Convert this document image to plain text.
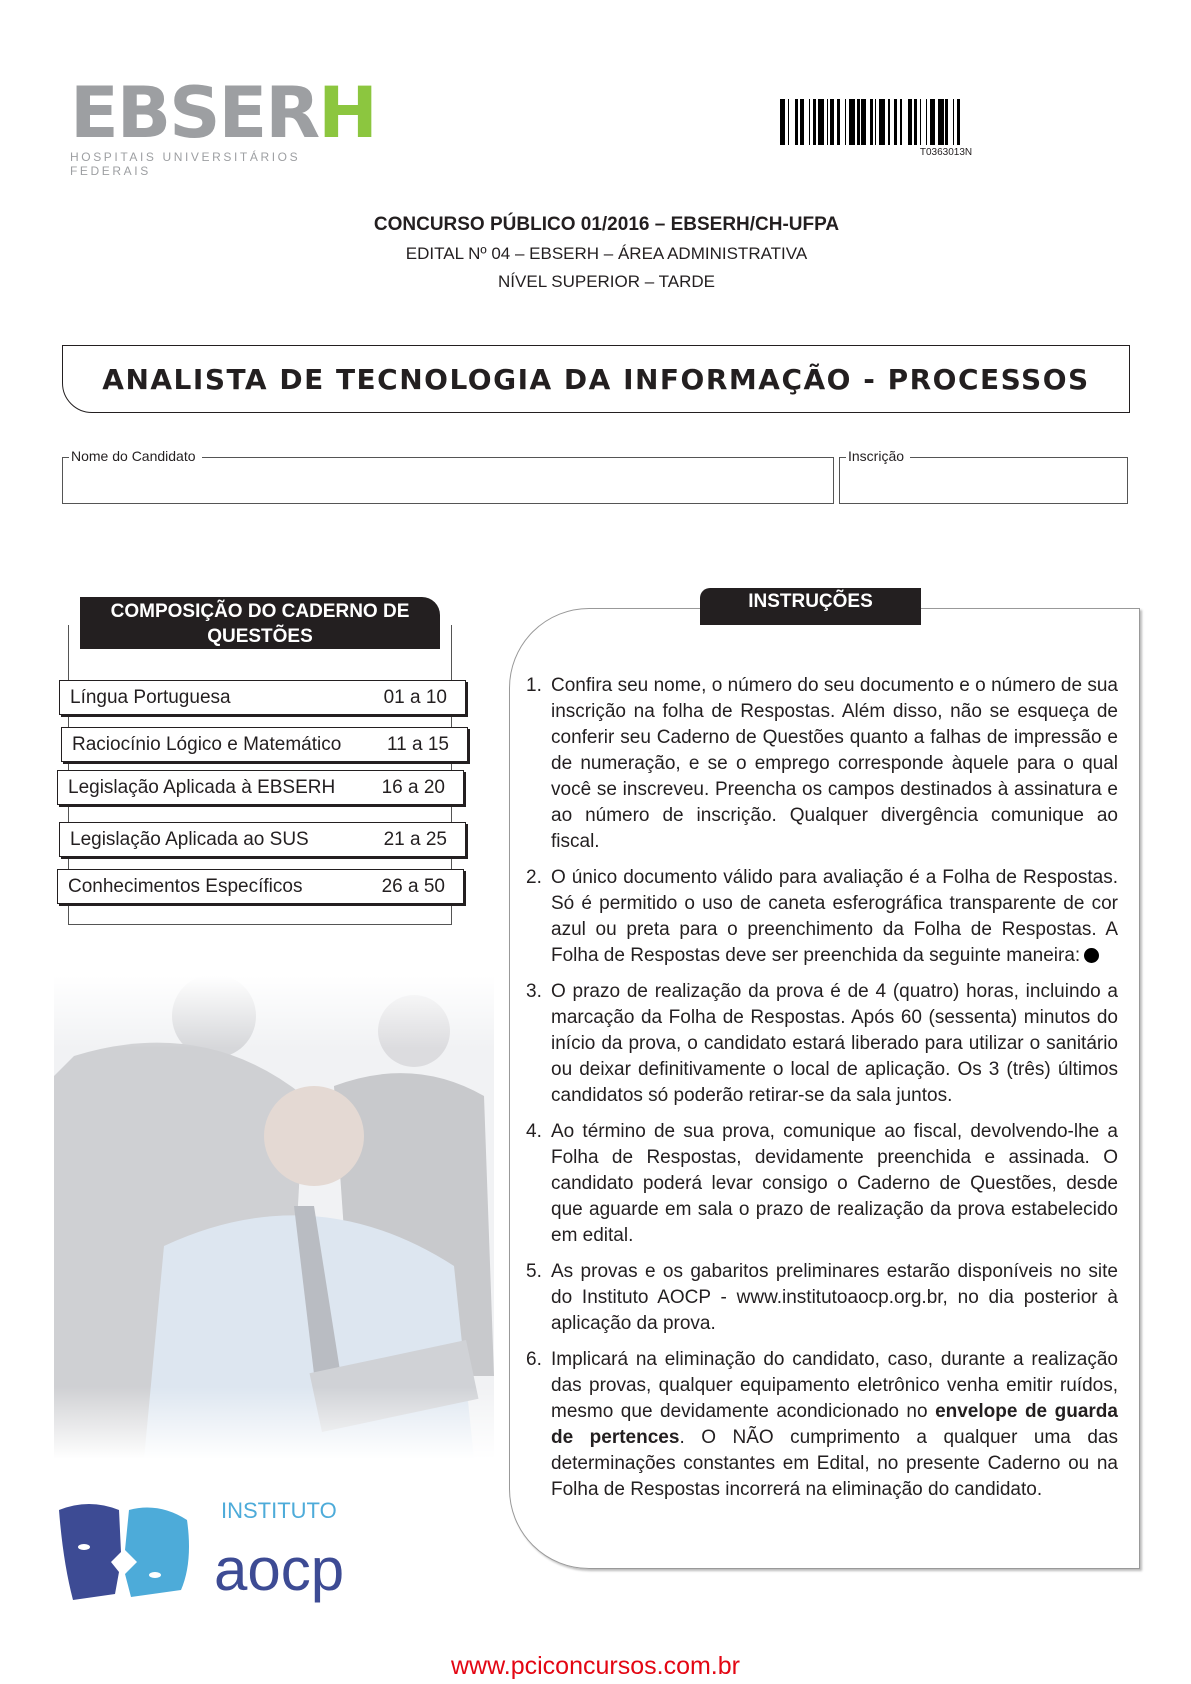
EBSERH
HOSPITAIS UNIVERSITÁRIOS FEDERAIS
T0363013N
CONCURSO PÚBLICO 01/2016 – EBSERH/CH-UFPA
EDITAL Nº 04 – EBSERH – ÁREA ADMINISTRATIVA
NÍVEL SUPERIOR – TARDE
ANALISTA DE TECNOLOGIA DA INFORMAÇÃO - PROCESSOS
Nome do Candidato	Inscrição
COMPOSIÇÃO DO CADERNO DE QUESTÕES
Língua Portuguesa	01 a 10
Raciocínio Lógico e Matemático 11 a 15
Legislação Aplicada à EBSERH 16 a 20
Legislação Aplicada ao SUS	21 a 25
Conhecimentos Específicos	26 a 50
INSTRUÇÕES
1. Confira seu nome, o número do seu documento e o número de sua inscrição na folha de Respostas. Além disso, não se esqueça de conferir seu Caderno de Questões quanto a falhas de impressão e de numeração, e se o emprego corresponde àquele para o qual você se inscreveu. Preencha os campos destinados à assinatura e ao número de inscrição. Qualquer divergência comunique ao fiscal.
2. O único documento válido para avaliação é a Folha de Respostas. Só é permitido o uso de caneta esferográfica transparente de cor azul ou preta para o preenchimento da Folha de Respostas. A Folha de Respostas deve ser preenchida da seguinte maneira:
3. O prazo de realização da prova é de 4 (quatro) horas, incluindo a marcação da Folha de Respostas. Após 60 (sessenta) minutos do início da prova, o candidato estará liberado para utilizar o sanitário ou deixar definitivamente o local de aplicação. Os 3 (três) últimos candidatos só poderão retirar-se da sala juntos.
4. Ao término de sua prova, comunique ao fiscal, devolvendo-lhe a Folha de Respostas, devidamente preenchida e assinada. O candidato poderá levar consigo o Caderno de Questões, desde que aguarde em sala o prazo de realização da prova estabelecido em edital.
5. As provas e os gabaritos preliminares estarão disponíveis no site do Instituto AOCP - www.institutoaocp.org.br, no dia posterior à aplicação da prova.
6. Implicará na eliminação do candidato, caso, durante a realização das provas, qualquer equipamento eletrônico venha emitir ruídos, mesmo que devidamente acondicionado no envelope de guarda de pertences. O NÃO cumprimento a qualquer uma das determinações constantes em Edital, no presente Caderno ou na Folha de Respostas incorrerá na eliminação do candidato.
INSTITUTO
aocp
www.pciconcursos.com.br
